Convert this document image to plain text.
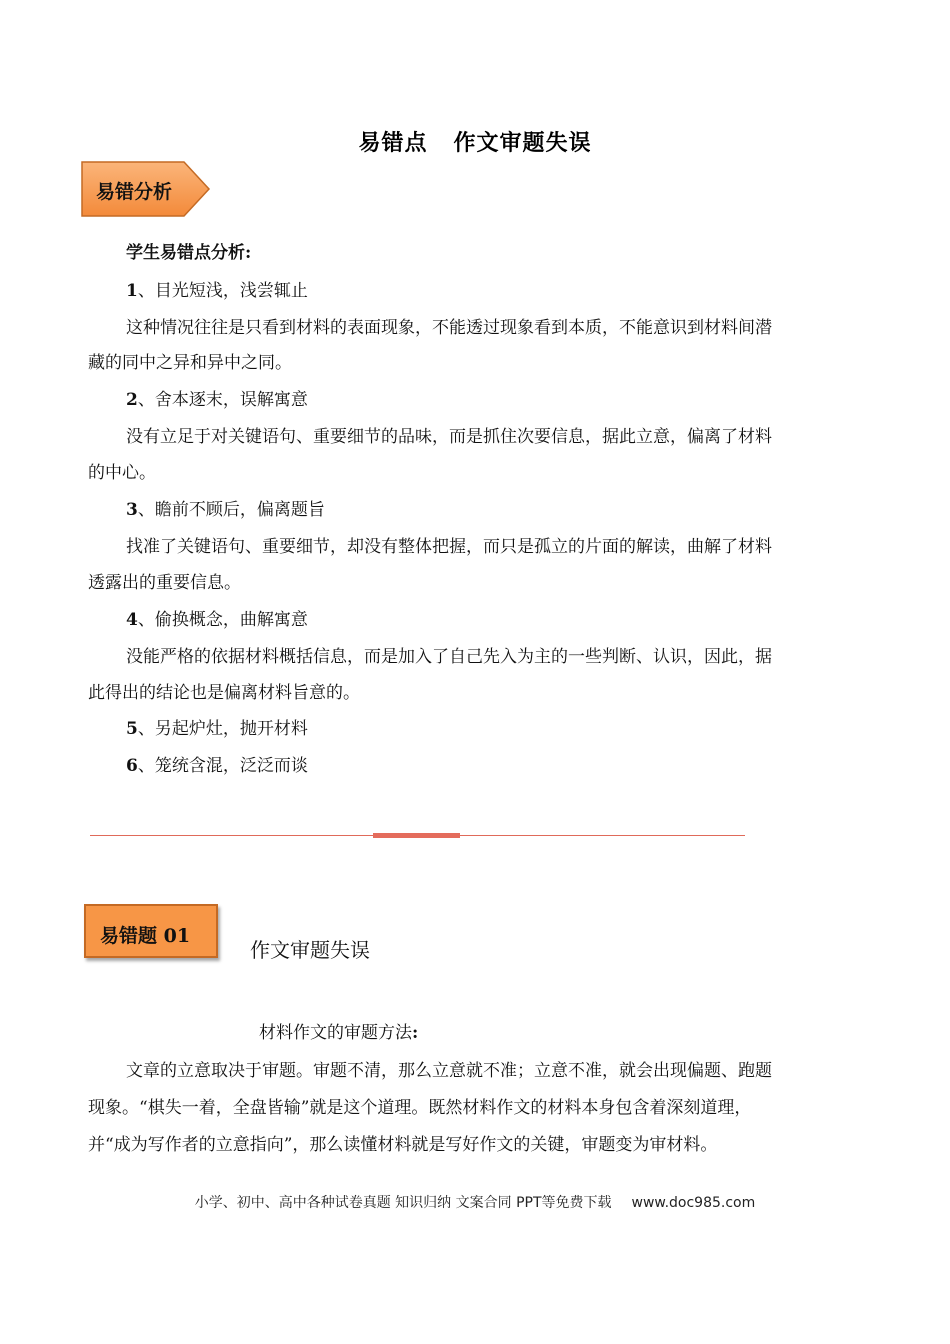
易错点 作文审题失误
易错分析
学生易错点分析:
1、目光短浅，浅尝辄止
这种情况往往是只看到材料的表面现象，不能透过现象看到本质，不能意识到材料间潜
藏的同中之异和异中之同。
2、舍本逐末，误解寓意
没有立足于对关键语句、重要细节的品味，而是抓住次要信息，据此立意，偏离了材料
的中心。
3、瞻前不顾后，偏离题旨
找准了关键语句、重要细节，却没有整体把握，而只是孤立的片面的解读，曲解了材料
透露出的重要信息。
4、偷换概念，曲解寓意
没能严格的依据材料概括信息，而是加入了自己先入为主的一些判断、认识，因此，据
此得出的结论也是偏离材料旨意的。
5、另起炉灶，抛开材料
6、笼统含混，泛泛而谈
易错题 01
作文审题失误
材料作文的审题方法:
文章的立意取决于审题。审题不清，那么立意就不准；立意不准，就会出现偏题、跑题
现象。“棋失一着，全盘皆输”就是这个道理。既然材料作文的材料本身包含着深刻道理，
并“成为写作者的立意指向”，那么读懂材料就是写好作文的关键，审题变为审材料。
小学、初中、高中各种试卷真题 知识归纳 文案合同 PPT等免费下载 www.doc985.com
